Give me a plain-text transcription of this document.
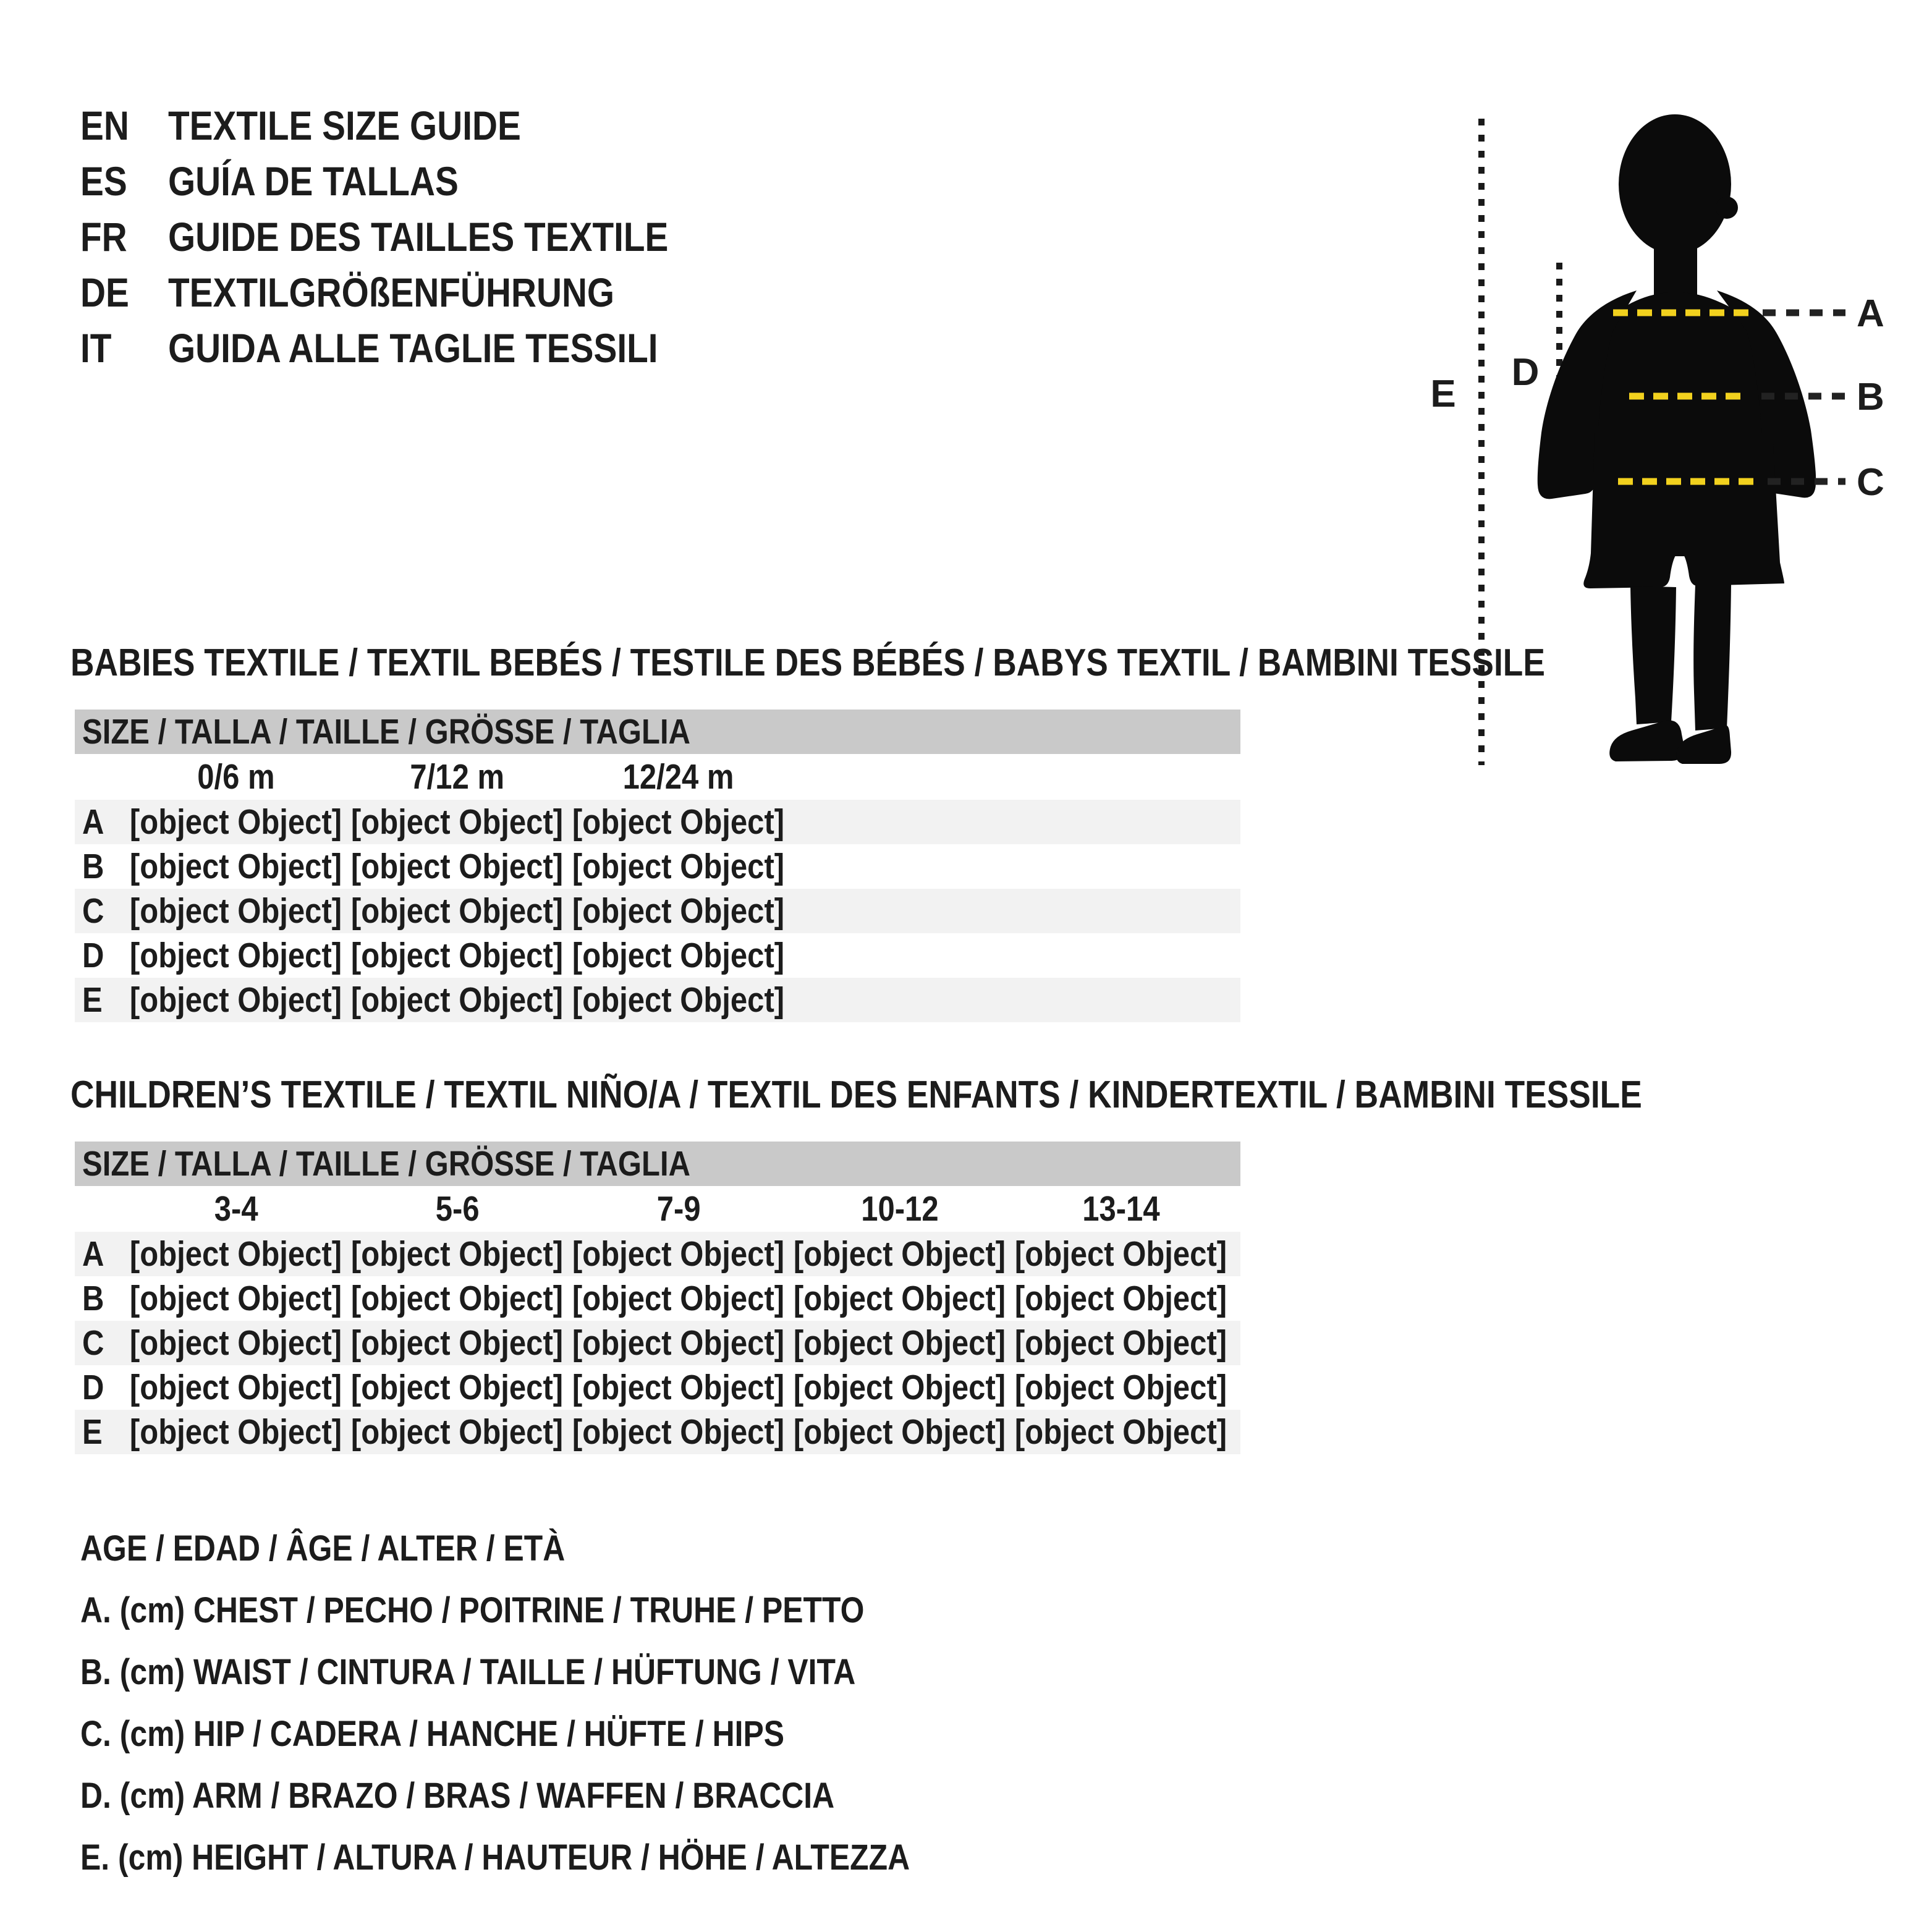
EN TEXTILE SIZE GUIDE
ES	GUÍA DE TALLAS
FR	GUIDE DES TAILLES TEXTILE
DE TEXTILGRÖßENFÜHRUNG
IT	GUIDA ALLE TAGLIE TESSILI
A
B
C
D
E
BABIES TEXTILE / TEXTIL BEBÉS / TESTILE DES BÉBÉS / BABYS TEXTIL / BAMBINI TESSILE
SIZE / TALLA / TAILLE / GRÖSSE / TAGLIA
0/6 m	7/12 m	12/24 m
A [object Object] [object Object] [object Object]
B [object Object] [object Object] [object Object]
C [object Object] [object Object] [object Object]
D [object Object] [object Object] [object Object]
E [object Object] [object Object] [object Object]
CHILDREN’S TEXTILE / TEXTIL NIÑO/A / TEXTIL DES ENFANTS / KINDERTEXTIL / BAMBINI TESSILE
SIZE / TALLA / TAILLE / GRÖSSE / TAGLIA
3-4	5-6	7-9	10-12	13-14
A [object Object] [object Object] [object Object] [object Object] [object Object]
B [object Object] [object Object] [object Object] [object Object] [object Object]
C [object Object] [object Object] [object Object] [object Object] [object Object]
D [object Object] [object Object] [object Object] [object Object] [object Object]
E [object Object] [object Object] [object Object] [object Object] [object Object]
AGE / EDAD / ÂGE / ALTER / ETÀ
A. (cm) CHEST / PECHO / POITRINE / TRUHE / PETTO
B. (cm) WAIST / CINTURA / TAILLE / HÜFTUNG / VITA
C. (cm) HIP / CADERA / HANCHE / HÜFTE / HIPS
D. (cm) ARM / BRAZO / BRAS / WAFFEN / BRACCIA
E. (cm) HEIGHT / ALTURA / HAUTEUR / HÖHE / ALTEZZA
